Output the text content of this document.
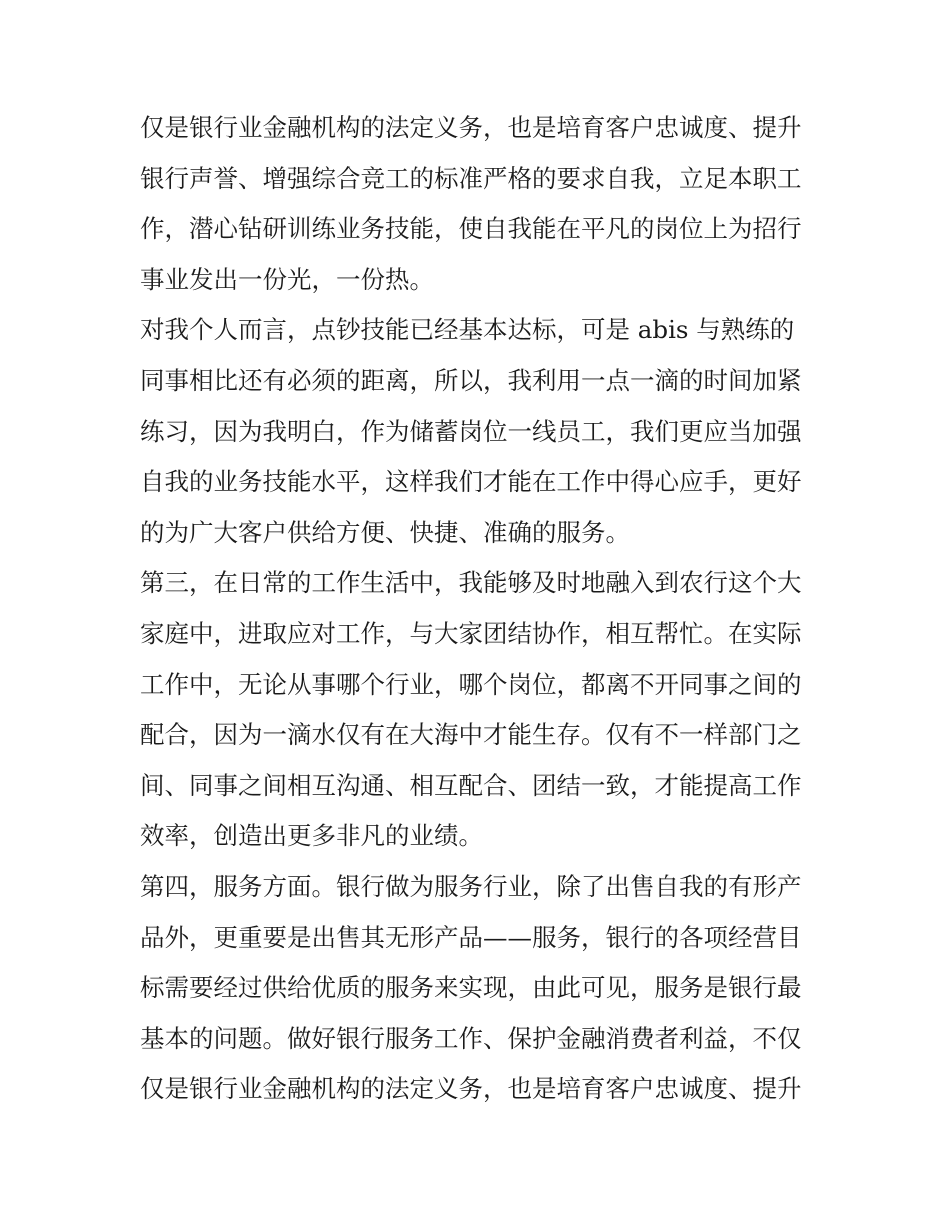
仅是银行业金融机构的法定义务，也是培育客户忠诚度、提升
银行声誉、增强综合竞工的标准严格的要求自我，立足本职工
作，潜心钻研训练业务技能，使自我能在平凡的岗位上为招行
事业发出一份光，一份热。
对我个人而言，点钞技能已经基本达标，可是 abis 与熟练的
同事相比还有必须的距离，所以，我利用一点一滴的时间加紧
练习，因为我明白，作为储蓄岗位一线员工，我们更应当加强
自我的业务技能水平，这样我们才能在工作中得心应手，更好
的为广大客户供给方便、快捷、准确的服务。
第三，在日常的工作生活中，我能够及时地融入到农行这个大
家庭中，进取应对工作，与大家团结协作，相互帮忙。在实际
工作中，无论从事哪个行业，哪个岗位，都离不开同事之间的
配合，因为一滴水仅有在大海中才能生存。仅有不一样部门之
间、同事之间相互沟通、相互配合、团结一致，才能提高工作
效率，创造出更多非凡的业绩。
第四，服务方面。银行做为服务行业，除了出售自我的有形产
品外，更重要是出售其无形产品——服务，银行的各项经营目
标需要经过供给优质的服务来实现，由此可见，服务是银行最
基本的问题。做好银行服务工作、保护金融消费者利益，不仅
仅是银行业金融机构的法定义务，也是培育客户忠诚度、提升
